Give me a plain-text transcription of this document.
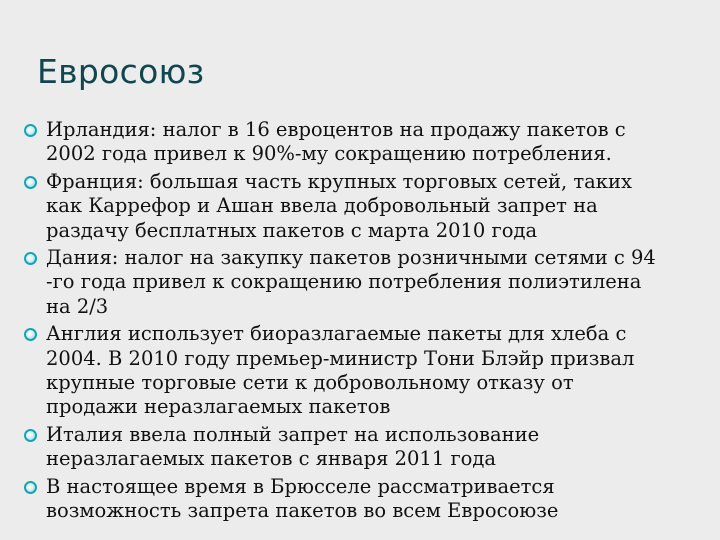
Евросоюз
Ирландия: налог в 16 евроцентов на продажу пакетов с
2002 года привел к 90%-му сокращению потребления.
Франция: большая часть крупных торговых сетей, таких
как Каррефор и Ашан ввела добровольный запрет на
раздачу бесплатных пакетов с марта 2010 года
Дания: налог на закупку пакетов розничными сетями с 94
-го года привел к сокращению потребления полиэтилена
на 2/3
Англия использует биоразлагаемые пакеты для хлеба с
2004. В 2010 году премьер-министр Тони Блэйр призвал
крупные торговые сети к добровольному отказу от
продажи неразлагаемых пакетов
Италия ввела полный запрет на использование
неразлагаемых пакетов с января 2011 года
В настоящее время в Брюсселе рассматривается
возможность запрета пакетов во всем Евросоюзе
